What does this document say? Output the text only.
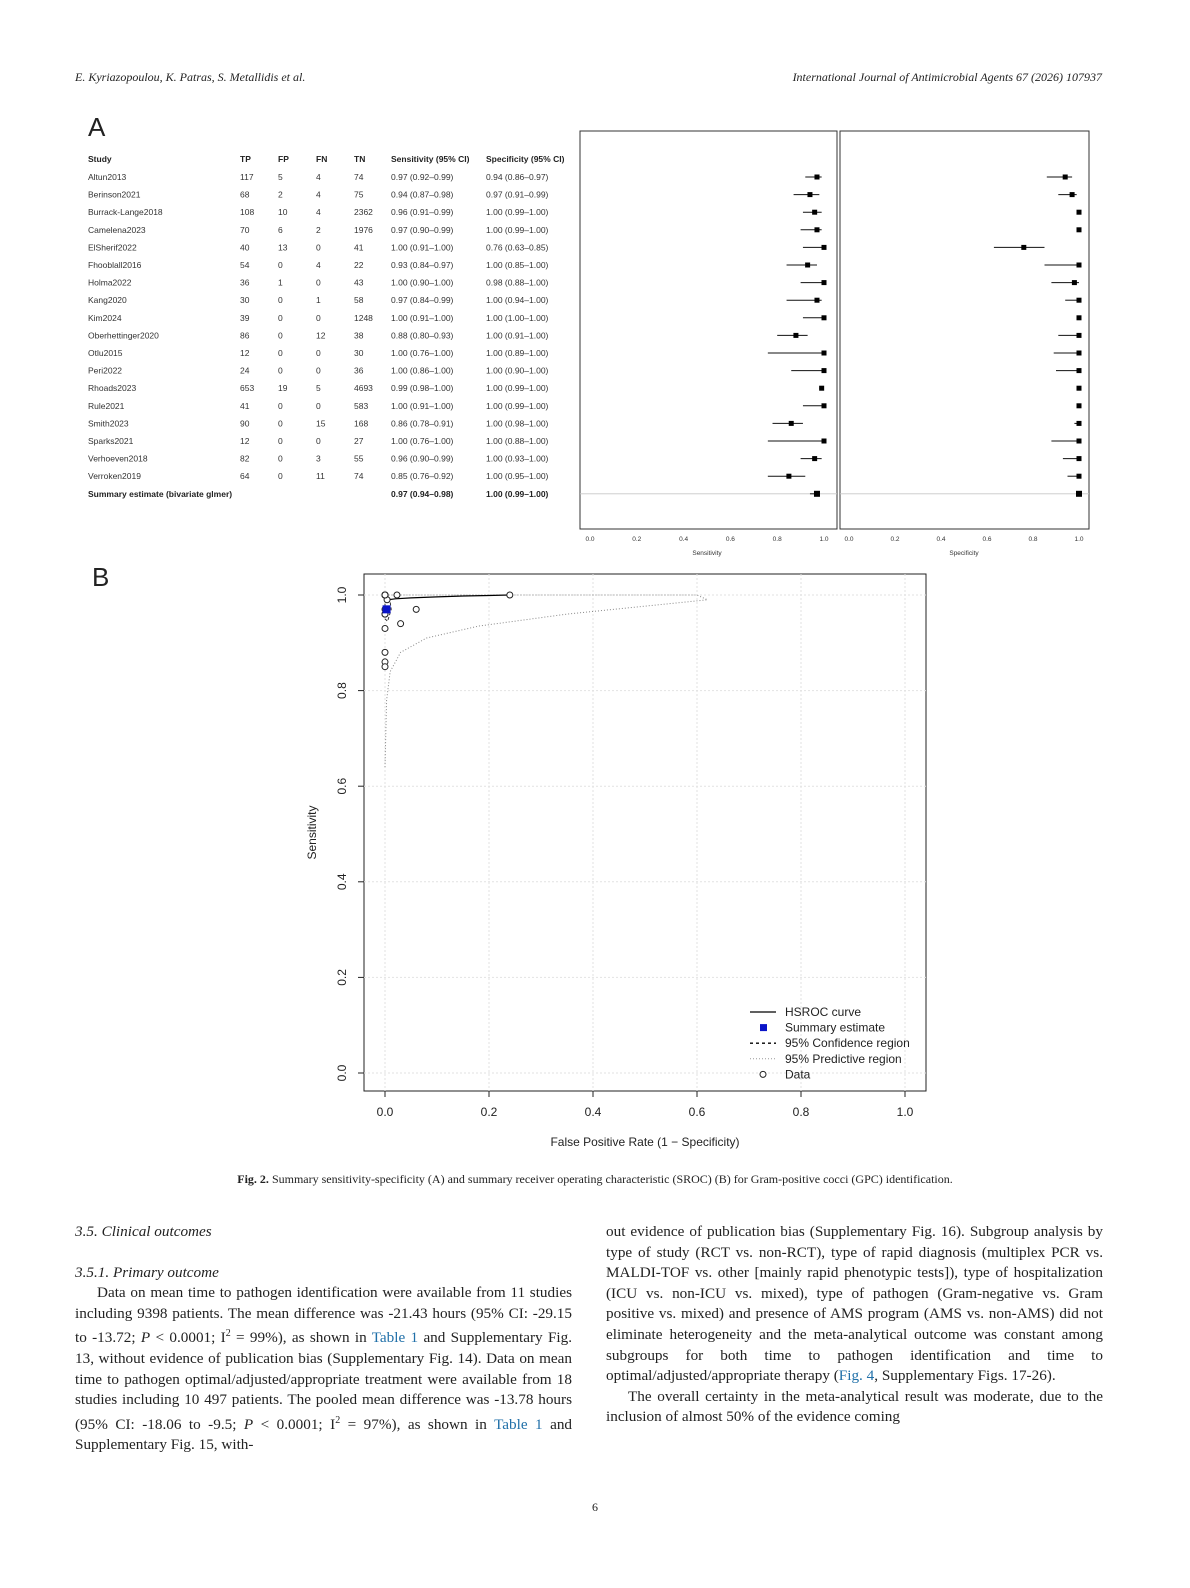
E. Kyriazopoulou, K. Patras, S. Metallidis et al.	International Journal of Antimicrobial Agents 67 (2026) 107937
A
B
Study	TP	FP	FN	TN	Sensitivity (95% CI) Specificity (95% CI)
Altun2013	117	5	4	74	0.97 (0.92–0.99)	0.94 (0.86–0.97)
Berinson2021	68	2	4	75	0.94 (0.87–0.98)	0.97 (0.91–0.99)
Burrack-Lange2018	108	10	4	2362 0.96 (0.91–0.99)	1.00 (0.99–1.00)
Camelena2023	70	6	2	1976 0.97 (0.90–0.99)	1.00 (0.99–1.00)
ElSherif2022	40	13	0	41	1.00 (0.91–1.00)	0.76 (0.63–0.85)
Fhooblall2016	54	0	4	22	0.93 (0.84–0.97)	1.00 (0.85–1.00)
Holma2022	36	1	0	43	1.00 (0.90–1.00)	0.98 (0.88–1.00)
Kang2020	30	0	1	58	0.97 (0.84–0.99)	1.00 (0.94–1.00)
Kim2024	39	0	0	1248 1.00 (0.91–1.00)	1.00 (1.00–1.00)
Oberhettinger2020	86	0	12	38	0.88 (0.80–0.93)	1.00 (0.91–1.00)
Otlu2015	12	0	0	30	1.00 (0.76–1.00)	1.00 (0.89–1.00)
Peri2022	24	0	0	36	1.00 (0.86–1.00)	1.00 (0.90–1.00)
Rhoads2023	653	19	5	4693 0.99 (0.98–1.00)	1.00 (0.99–1.00)
Rule2021	41	0	0	583	1.00 (0.91–1.00)	1.00 (0.99–1.00)
Smith2023	90	0	15	168	0.86 (0.78–0.91)	1.00 (0.98–1.00)
Sparks2021	12	0	0	27	1.00 (0.76–1.00)	1.00 (0.88–1.00)
Verhoeven2018	82	0	3	55	0.96 (0.90–0.99)	1.00 (0.93–1.00)
Verroken2019	64	0	11	74	0.85 (0.76–0.92)	1.00 (0.95–1.00)
Summary estimate (bivariate glmer)	0.97 (0.94–0.98)	1.00 (0.99–1.00)
0.0	0.2	0.4	0.6	0.8	1.0
Sensitivity
0.0	0.2	0.4	0.6	0.8	1.0
Specificity
0.0	0.2	0.4	0.6	0.8	1.0
0.0
0.2
0.4
0.6
0.8
1.0
False Positive Rate (1 − Specificity)
Sensitivity
HSROC curve
Summary estimate
95% Confidence region
95% Predictive region
Data
Fig. 2. Summary sensitivity-specificity (A) and summary receiver operating characteristic (SROC) (B) for Gram-positive cocci (GPC) identification.

3.5. Clinical outcomes

3.5.1. Primary outcome

Data on mean time to pathogen identification were available from 11 studies including 9398 patients. The mean difference was -21.43 hours (95% CI: -29.15 to -13.72; P < 0.0001; $I^2 = 99\%$), as shown in Table 1 and Supplementary Fig. 13, without evidence of publication bias (Supplementary Fig. 14). Data on mean time to pathogen optimal/adjusted/appropriate treatment were available from 18 studies including 10 497 patients. The pooled mean difference was -13.78 hours (95% CI: -18.06 to -9.5; P < 0.0001; $I^2 = 97\%$), as shown in Table 1 and Supplementary Fig. 15, with-

out evidence of publication bias (Supplementary Fig. 16). Subgroup analysis by type of study (RCT vs. non-RCT), type of rapid diagnosis (multiplex PCR vs. MALDI-TOF vs. other [mainly rapid phenotypic tests]), type of hospitalization (ICU vs. non-ICU vs. mixed), type of pathogen (Gram-negative vs. Gram positive vs. mixed) and presence of AMS program (AMS vs. non-AMS) did not eliminate heterogeneity and the meta-analytical outcome was constant among subgroups for both time to pathogen identification and time to optimal/adjusted/appropriate therapy (Fig. 4, Supplementary Figs. 17-26).

The overall certainty in the meta-analytical result was moderate, due to the inclusion of almost 50% of the evidence coming

6
